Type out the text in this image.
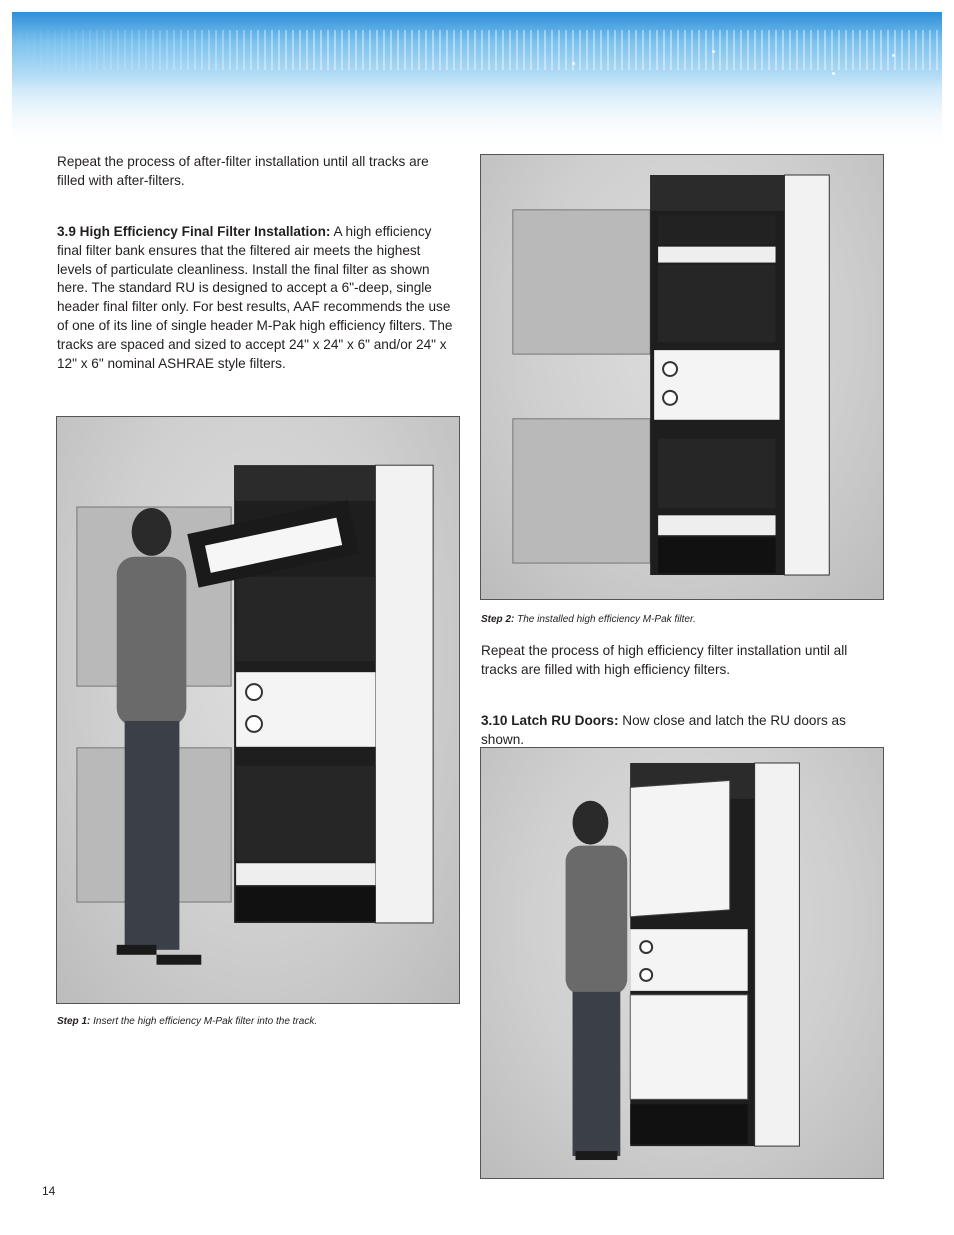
Repeat the process of after-filter installation until all tracks are filled with after-filters.

3.9 High Efficiency Final Filter Installation: A high efficiency final filter bank ensures that the filtered air meets the highest levels of particulate cleanliness. Install the final filter as shown here. The standard RU is designed to accept a 6"-deep, single header final filter only. For best results, AAF recommends the use of one of its line of single header M-Pak high efficiency filters. The tracks are spaced and sized to accept 24" x 24" x 6" and/or 24" x 12" x 6" nominal ASHRAE style filters.

Step 1: Insert the high efficiency M-Pak filter into the track.

Step 2: The installed high efficiency M-Pak filter.

Repeat the process of high efficiency filter installation until all tracks are filled with high efficiency filters.

3.10 Latch RU Doors: Now close and latch the RU doors as shown.

14
